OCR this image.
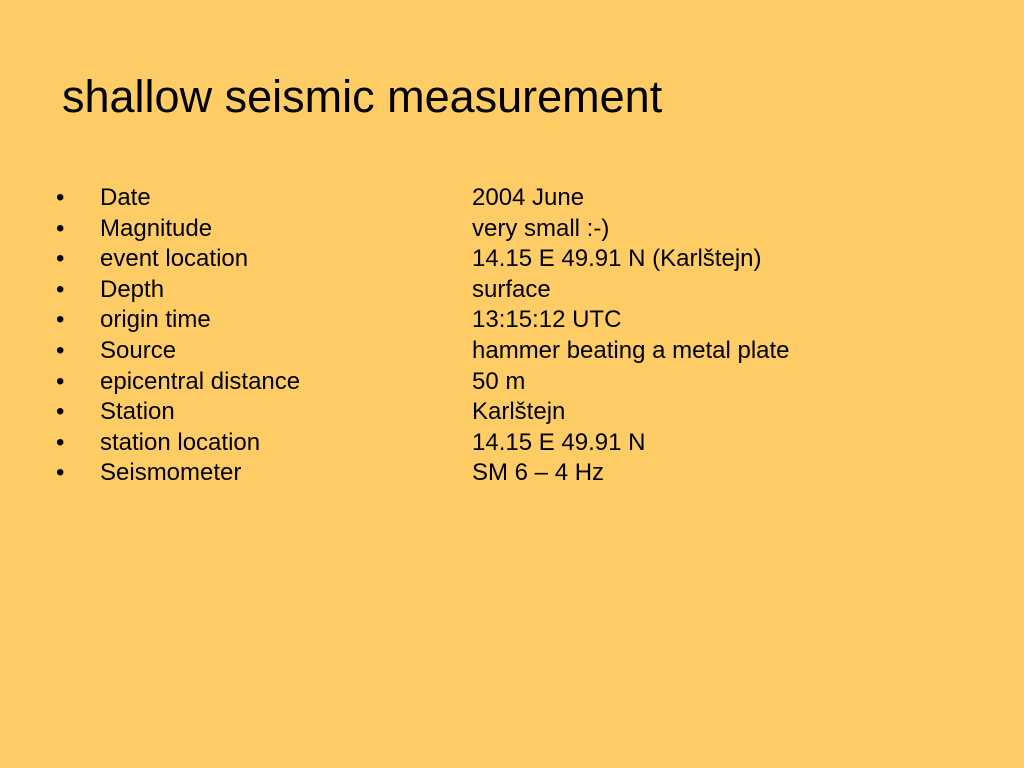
shallow seismic measurement
•	Date	2004 June
•	Magnitude	very small :-)
•	event location	14.15 E 49.91 N (Karlštejn)
•	Depth	surface
•	origin time	13:15:12 UTC
•	Source	hammer beating a metal plate
•	epicentral distance	50 m
•	Station	Karlštejn
•	station location	14.15 E 49.91 N
•	Seismometer	SM 6 – 4 Hz
